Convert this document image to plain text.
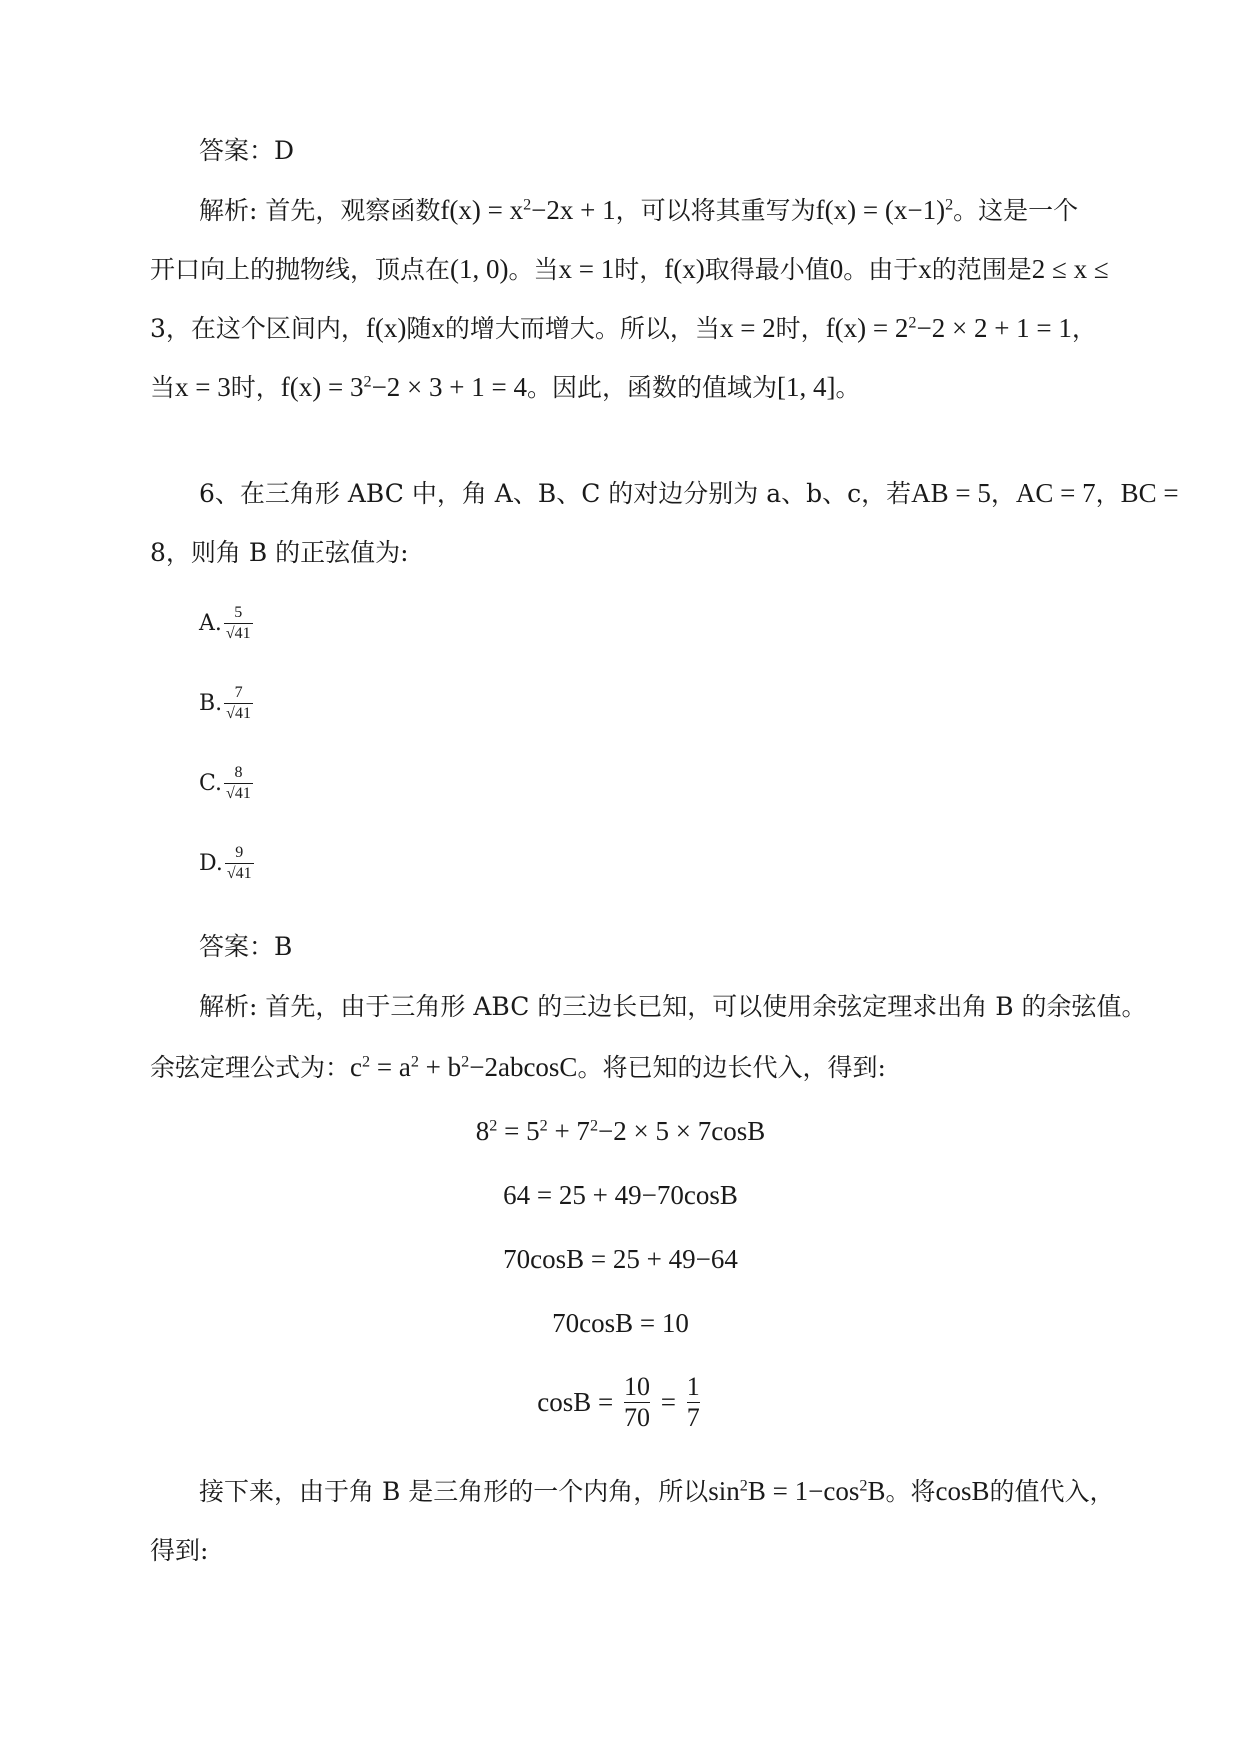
答案：D
解析: 首先，观察函数$f(x) = x^2-2x + 1$，可以将其重写为$f(x) = (x-1)^2$。这是一个
开口向上的抛物线，顶点在(1, 0)。当x = 1时，f(x)取得最小值0。由于x的范围是2 ≤ x ≤
3，在这个区间内，f(x)随x的增大而增大。所以，当x = 2时，$f(x) = 2^2-2 \times 2 + 1 = 1$，
当x = 3时，$f(x) = 3^2-2 \times 3 + 1 = 4$。因此，函数的值域为[1, 4]。
6、在三角形 ABC 中，角 A、B、C 的对边分别为 a、b、c，若AB = 5，AC = 7，BC =
8，则角 B 的正弦值为:
A. $\frac{5}{√41}$
B. $\frac{7}{√41}$
C. $\frac{8}{√41}$
D. $\frac{9}{√41}$
答案：B
解析: 首先，由于三角形 ABC 的三边长已知，可以使用余弦定理求出角 B 的余弦值。
余弦定理公式为：$c^2 = a^2 + b^2-2abcosC$。将已知的边长代入，得到:
$8^2 = 5^2 + 7^2-2 \times 5 \times 7\cos B$
64 = 25 + 49−70cosB
70cosB = 25 + 49−64
70cosB = 10
$\cos B = \frac{10}{70} = \frac{1}{7}$
接下来，由于角 B 是三角形的一个内角，所以$\sin^2B = 1-\cos^2B$。将cosB的值代入，
得到:
